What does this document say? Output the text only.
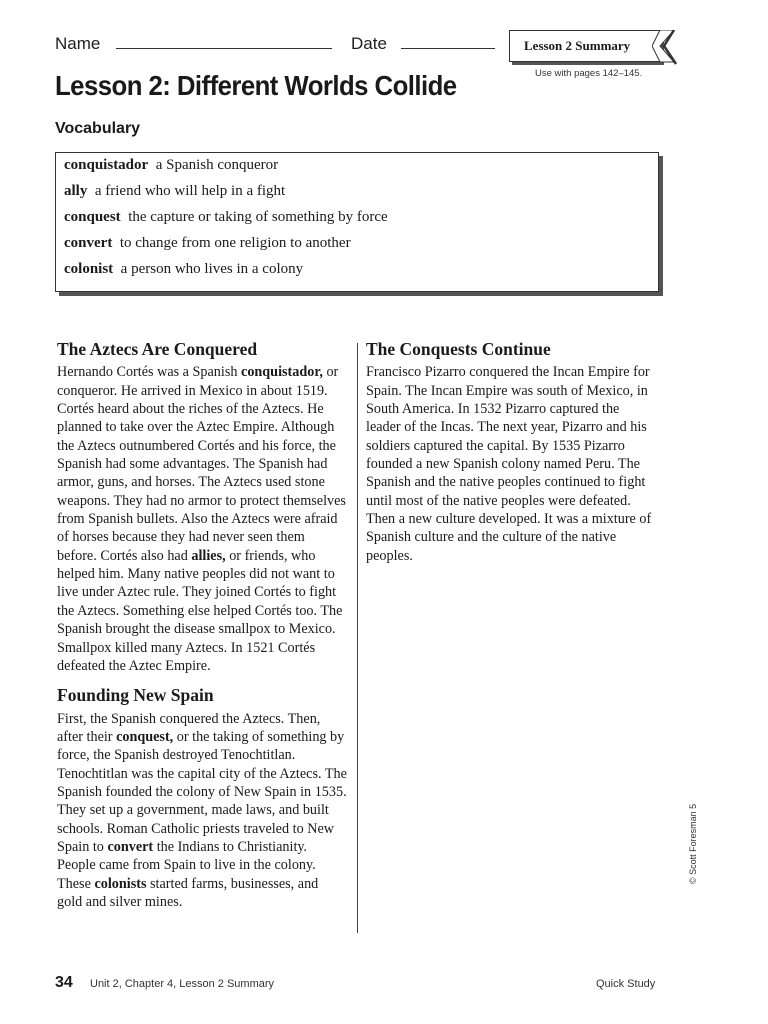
Name	Date	Lesson 2 Summary
Use with pages 142–145.
Lesson 2: Different Worlds Collide
Vocabulary
conquistador a Spanish conqueror
ally a friend who will help in a fight
conquest the capture or taking of something by force
convert to change from one religion to another
colonist a person who lives in a colony
The Aztecs Are Conquered

Hernando Cortés was a Spanish conquistador, or conqueror. He arrived in Mexico in about 1519. Cortés heard about the riches of the Aztecs. He planned to take over the Aztec Empire. Although the Aztecs outnumbered Cortés and his force, the Spanish had some advantages. The Spanish had armor, guns, and horses. The Aztecs used stone weapons. They had no armor to protect themselves from Spanish bullets. Also the Aztecs were afraid of horses because they had never seen them before. Cortés also had allies, or friends, who helped him. Many native peoples did not want to live under Aztec rule. They joined Cortés to fight the Aztecs. Something else helped Cortés too. The Spanish brought the disease smallpox to Mexico. Smallpox killed many Aztecs. In 1521 Cortés defeated the Aztec Empire.

Founding New Spain

First, the Spanish conquered the Aztecs. Then, after their conquest, or the taking of something by force, the Spanish destroyed Tenochtitlan. Tenochtitlan was the capital city of the Aztecs. The Spanish founded the colony of New Spain in 1535. They set up a government, made laws, and built schools. Roman Catholic priests traveled to New Spain to convert the Indians to Christianity. People came from Spain to live in the colony. These colonists started farms, businesses, and gold and silver mines.

The Conquests Continue

Francisco Pizarro conquered the Incan Empire for Spain. The Incan Empire was south of Mexico, in South America. In 1532 Pizarro captured the leader of the Incas. The next year, Pizarro and his soldiers captured the capital. By 1535 Pizarro founded a new Spanish colony named Peru. The Spanish and the native peoples continued to fight until most of the native peoples were defeated. Then a new culture developed. It was a mixture of Spanish culture and the culture of the native peoples.

© Scott Foresman 5
34 Unit 2, Chapter 4, Lesson 2 Summary	Quick Study
